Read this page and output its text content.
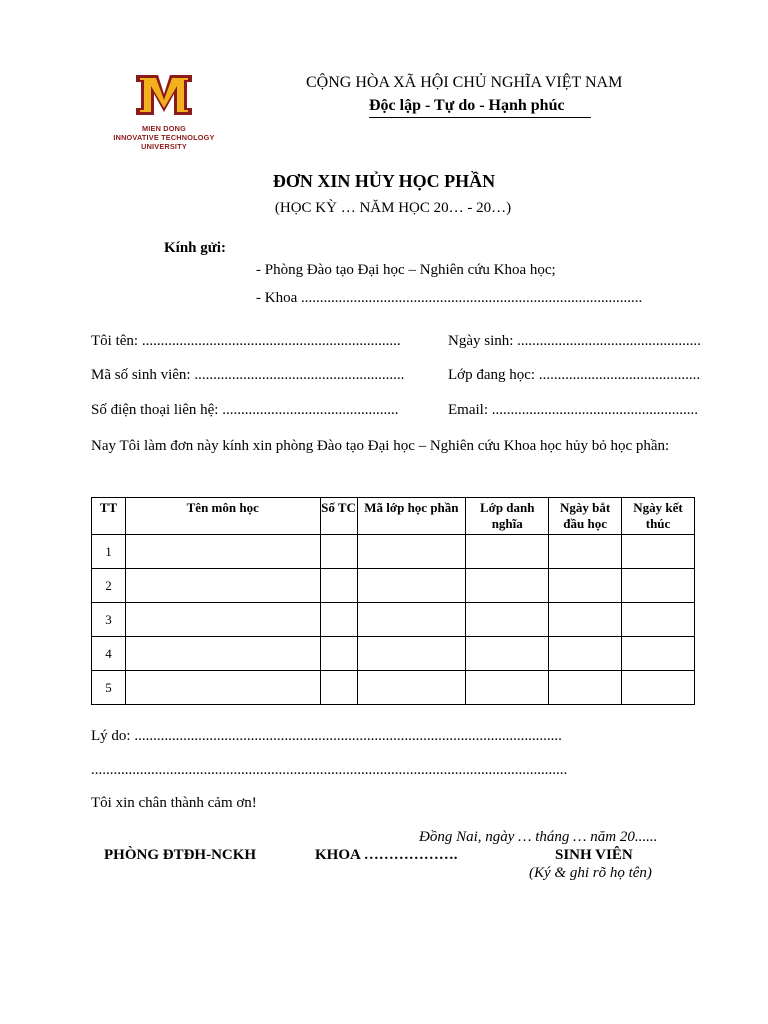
MIEN DONG
INNOVATIVE TECHNOLOGY
UNIVERSITY
CỘNG HÒA XÃ HỘI CHỦ NGHĨA VIỆT NAM
Độc lập - Tự do - Hạnh phúc
ĐƠN XIN HỦY HỌC PHẦN
(HỌC KỲ … NĂM HỌC 20… - 20…)
Kính gửi:
- Phòng Đào tạo Đại học – Nghiên cứu Khoa học;
- Khoa ...........................................................................................
Tôi tên: .....................................................................	Ngày sinh: .................................................
Mã số sinh viên: ........................................................	Lớp đang học: ...........................................
Số điện thoại liên hệ: ...............................................	Email: .......................................................
Nay Tôi làm đơn này kính xin phòng Đào tạo Đại học – Nghiên cứu Khoa học hủy bỏ học phần:
TT	Tên môn học	Số TC	Mã lớp học phần	Lớp danh nghĩa	Ngày bắt đầu học	Ngày kết thúc
1						
2						
3						
4						
5						
Lý do: ..................................................................................................................
...............................................................................................................................
Tôi xin chân thành cảm ơn!
Đồng Nai, ngày … tháng … năm 20......
PHÒNG ĐTĐH-NCKH	KHOA ……………….	SINH VIÊN
(Ký & ghi rõ họ tên)
